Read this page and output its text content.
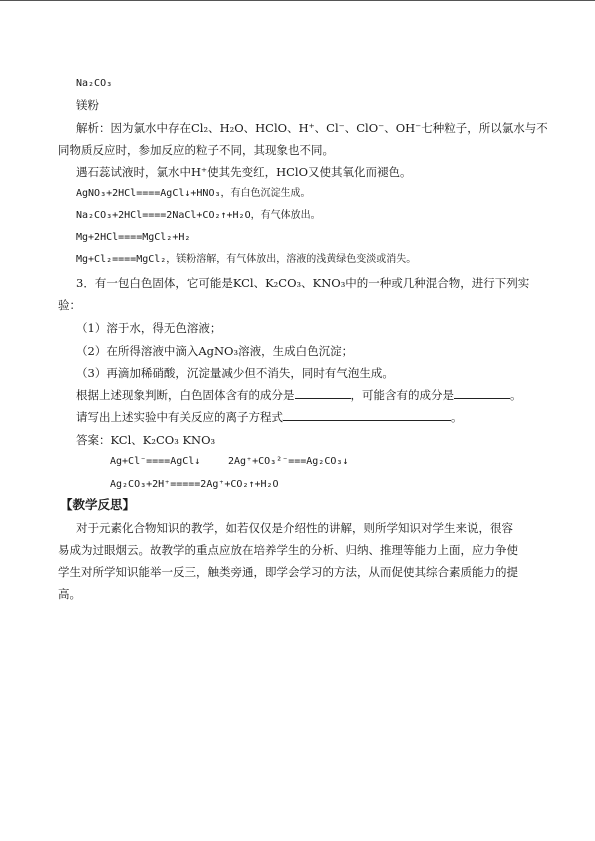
Na₂CO₃
镁粉
解析：因为氯水中存在Cl₂、H₂O、HClO、H⁺、Cl⁻、ClO⁻、OH⁻七种粒子，所以氯水与不
同物质反应时，参加反应的粒子不同，其现象也不同。
遇石蕊试液时，氯水中H⁺使其先变红，HClO又使其氧化而褪色。
AgNO₃+2HCl====AgCl↓+HNO₃，有白色沉淀生成。
Na₂CO₃+2HCl====2NaCl+CO₂↑+H₂O，有气体放出。
Mg+2HCl====MgCl₂+H₂
Mg+Cl₂====MgCl₂，镁粉溶解，有气体放出，溶液的浅黄绿色变淡或消失。
3．有一包白色固体，它可能是KCl、K₂CO₃、KNO₃中的一种或几种混合物，进行下列实
验：
（1）溶于水，得无色溶液；
（2）在所得溶液中滴入AgNO₃溶液，生成白色沉淀；
（3）再滴加稀硝酸，沉淀量减少但不消失，同时有气泡生成。
根据上述现象判断，白色固体含有的成分是	，可能含有的成分是	。
请写出上述实验中有关反应的离子方程式	。
答案：KCl、K₂CO₃ KNO₃
Ag+Cl⁻====AgCl↓	2Ag⁺+CO₃²⁻===Ag₂CO₃↓
Ag₂CO₃+2H⁺=====2Ag⁺+CO₂↑+H₂O
【教学反思】
对于元素化合物知识的教学，如若仅仅是介绍性的讲解，则所学知识对学生来说，很容
易成为过眼烟云。故教学的重点应放在培养学生的分析、归纳、推理等能力上面，应力争使
学生对所学知识能举一反三，触类旁通，即学会学习的方法，从而促使其综合素质能力的提
高。
